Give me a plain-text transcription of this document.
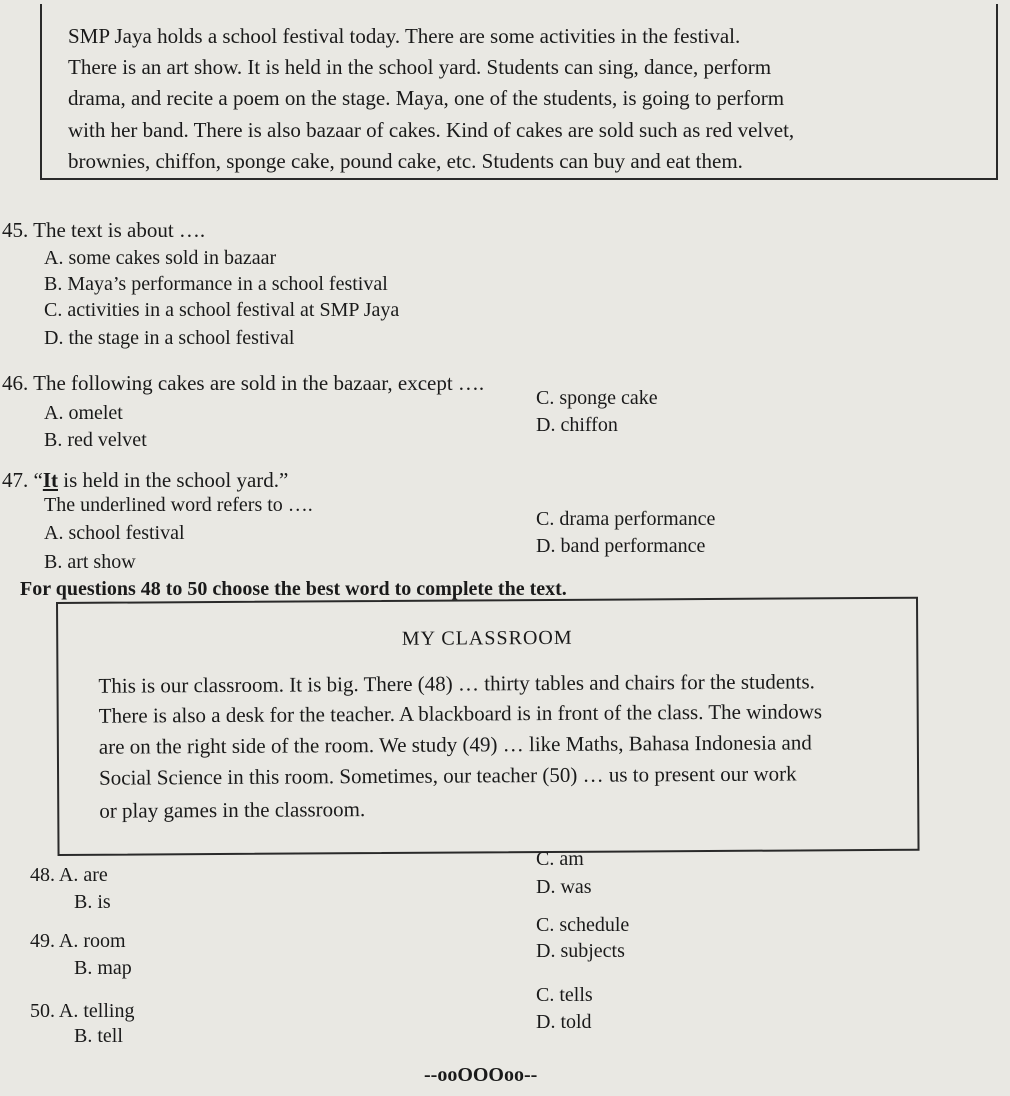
SMP Jaya holds a school festival today. There are some activities in the festival.
There is an art show. It is held in the school yard. Students can sing, dance, perform
drama, and recite a poem on the stage. Maya, one of the students, is going to perform
with her band. There is also bazaar of cakes. Kind of cakes are sold such as red velvet,
brownies, chiffon, sponge cake, pound cake, etc. Students can buy and eat them.
45. The text is about ….
A. some cakes sold in bazaar
B. Maya’s performance in a school festival
C. activities in a school festival at SMP Jaya
D. the stage in a school festival
46. The following cakes are sold in the bazaar, except ….
A. omelet
B. red velvet
C. sponge cake
D. chiffon
47. “It is held in the school yard.”
The underlined word refers to ….
A. school festival
B. art show
C. drama performance
D. band performance
For questions 48 to 50 choose the best word to complete the text.
MY CLASSROOM
This is our classroom. It is big. There (48) … thirty tables and chairs for the students.
There is also a desk for the teacher. A blackboard is in front of the class. The windows
are on the right side of the room. We study (49) … like Maths, Bahasa Indonesia and
Social Science in this room. Sometimes, our teacher (50) … us to present our work
or play games in the classroom.
48. A. are
B. is
C. am
D. was
49. A. room
B. map
C. schedule
D. subjects
50. A. telling
B. tell
C. tells
D. told
--ooOOOoo--
